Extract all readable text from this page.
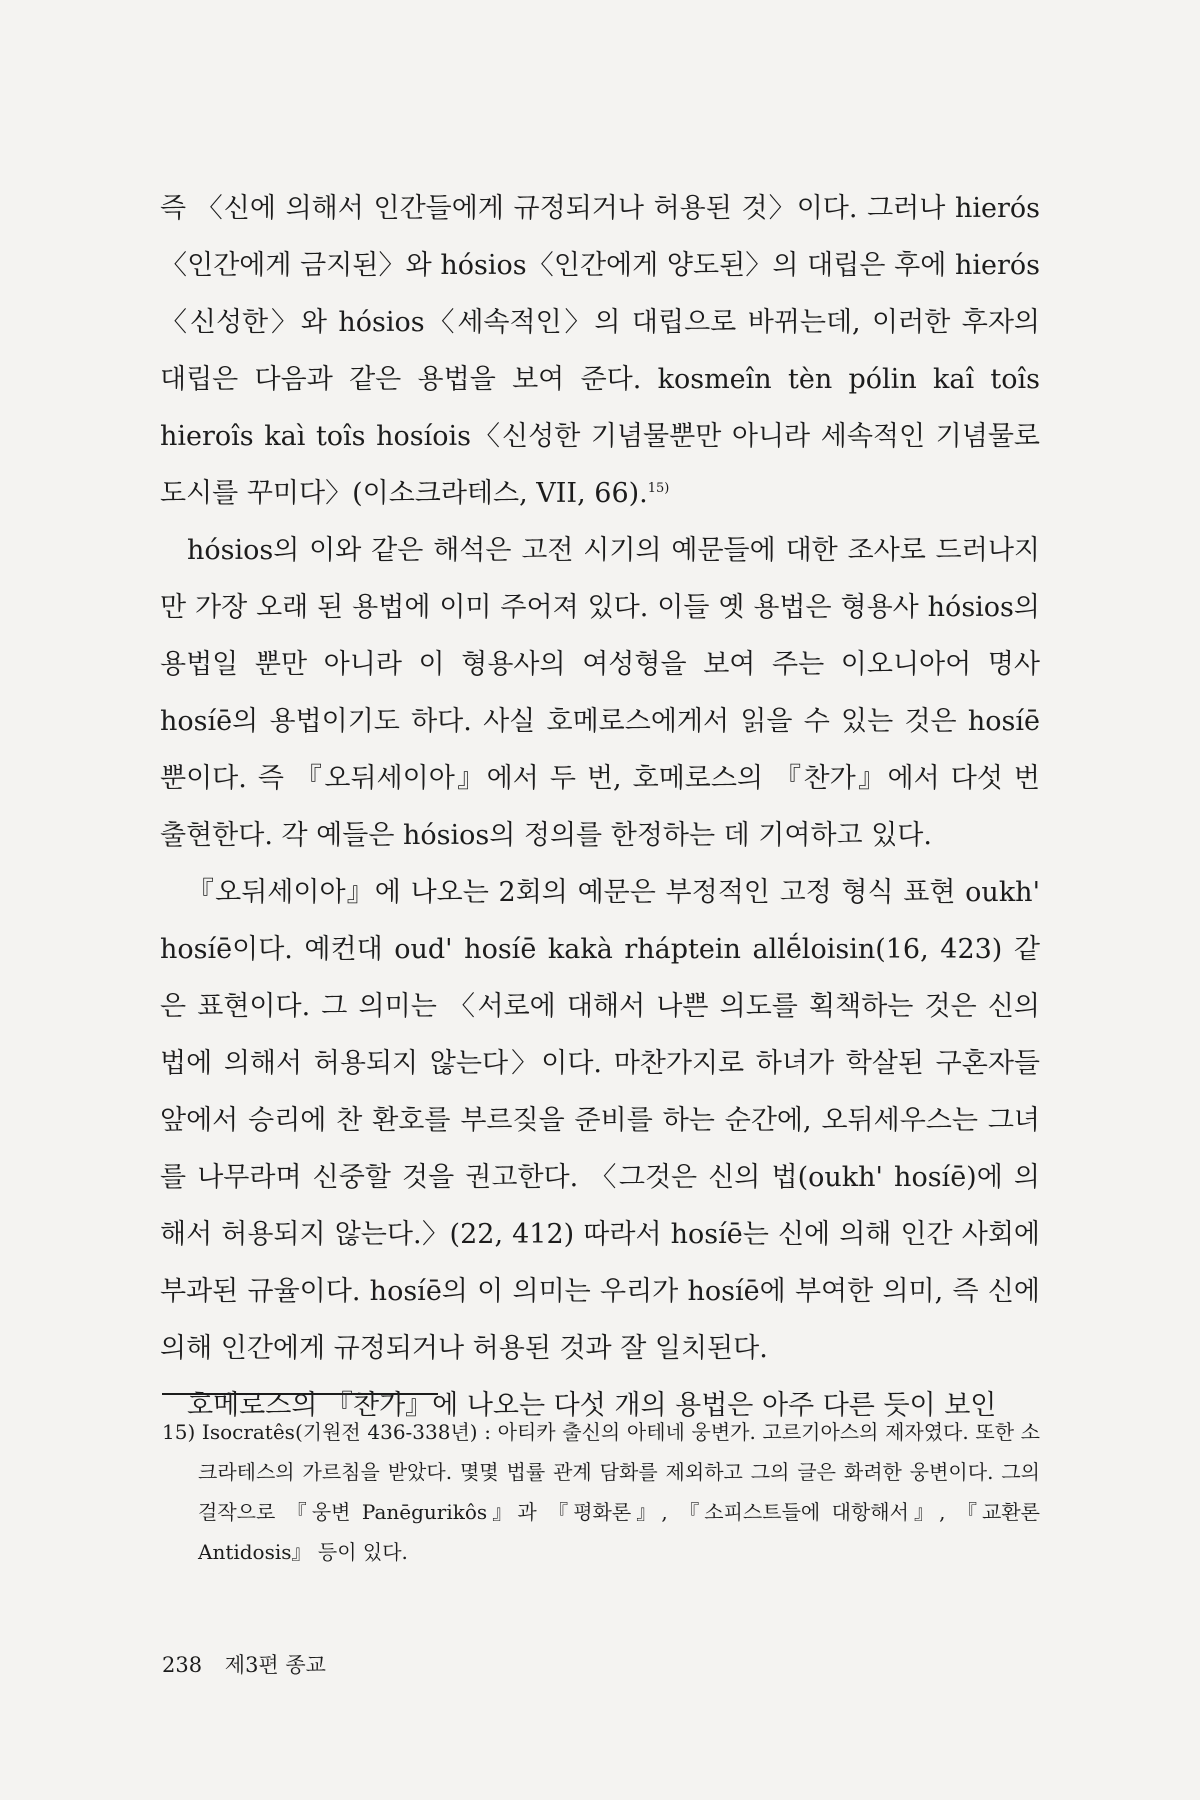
즉 〈신에 의해서 인간들에게 규정되거나 허용된 것〉이다. 그러나 hierós 〈인간에게 금지된〉와 hósios〈인간에게 양도된〉의 대립은 후에 hierós 〈신성한〉와 hósios〈세속적인〉의 대립으로 바뀌는데, 이러한 후자의 대립은 다음과 같은 용법을 보여 준다. kosmeîn tèn pólin kaî toîs hieroîs kaì toîs hosíois〈신성한 기념물뿐만 아니라 세속적인 기념물로 도시를 꾸미다〉(이소크라테스, VII, 66).$^{15)}$

hósios의 이와 같은 해석은 고전 시기의 예문들에 대한 조사로 드러나지만 가장 오래 된 용법에 이미 주어져 있다. 이들 옛 용법은 형용사 hósios의 용법일 뿐만 아니라 이 형용사의 여성형을 보여 주는 이오니아어 명사 hosíē의 용법이기도 하다. 사실 호메로스에게서 읽을 수 있는 것은 hosíē뿐이다. 즉 『오뒤세이아』에서 두 번, 호메로스의 『찬가』에서 다섯 번 출현한다. 각 예들은 hósios의 정의를 한정하는 데 기여하고 있다.

『오뒤세이아』에 나오는 2회의 예문은 부정적인 고정 형식 표현 oukh' hosíē이다. 예컨대 oud' hosíē kakà rháptein allḗloisin(16, 423) 같은 표현이다. 그 의미는 〈서로에 대해서 나쁜 의도를 획책하는 것은 신의 법에 의해서 허용되지 않는다〉이다. 마찬가지로 하녀가 학살된 구혼자들 앞에서 승리에 찬 환호를 부르짖을 준비를 하는 순간에, 오뒤세우스는 그녀를 나무라며 신중할 것을 권고한다. 〈그것은 신의 법(oukh' hosíē)에 의해서 허용되지 않는다.〉(22, 412) 따라서 hosíē는 신에 의해 인간 사회에 부과된 규율이다. hosíē의 이 의미는 우리가 hosíē에 부여한 의미, 즉 신에 의해 인간에게 규정되거나 허용된 것과 잘 일치된다.

호메로스의 『찬가』에 나오는 다섯 개의 용법은 아주 다른 듯이 보인

15) Isocratês(기원전 436-338년) : 아티카 출신의 아테네 웅변가. 고르기아스의 제자였다. 또한 소크라테스의 가르침을 받았다. 몇몇 법률 관계 담화를 제외하고 그의 글은 화려한 웅변이다. 그의 걸작으로 『웅변 Panēgurikôs』과 『평화론』, 『소피스트들에 대항해서』, 『교환론 Antidosis』 등이 있다.
238 제3편 종교
